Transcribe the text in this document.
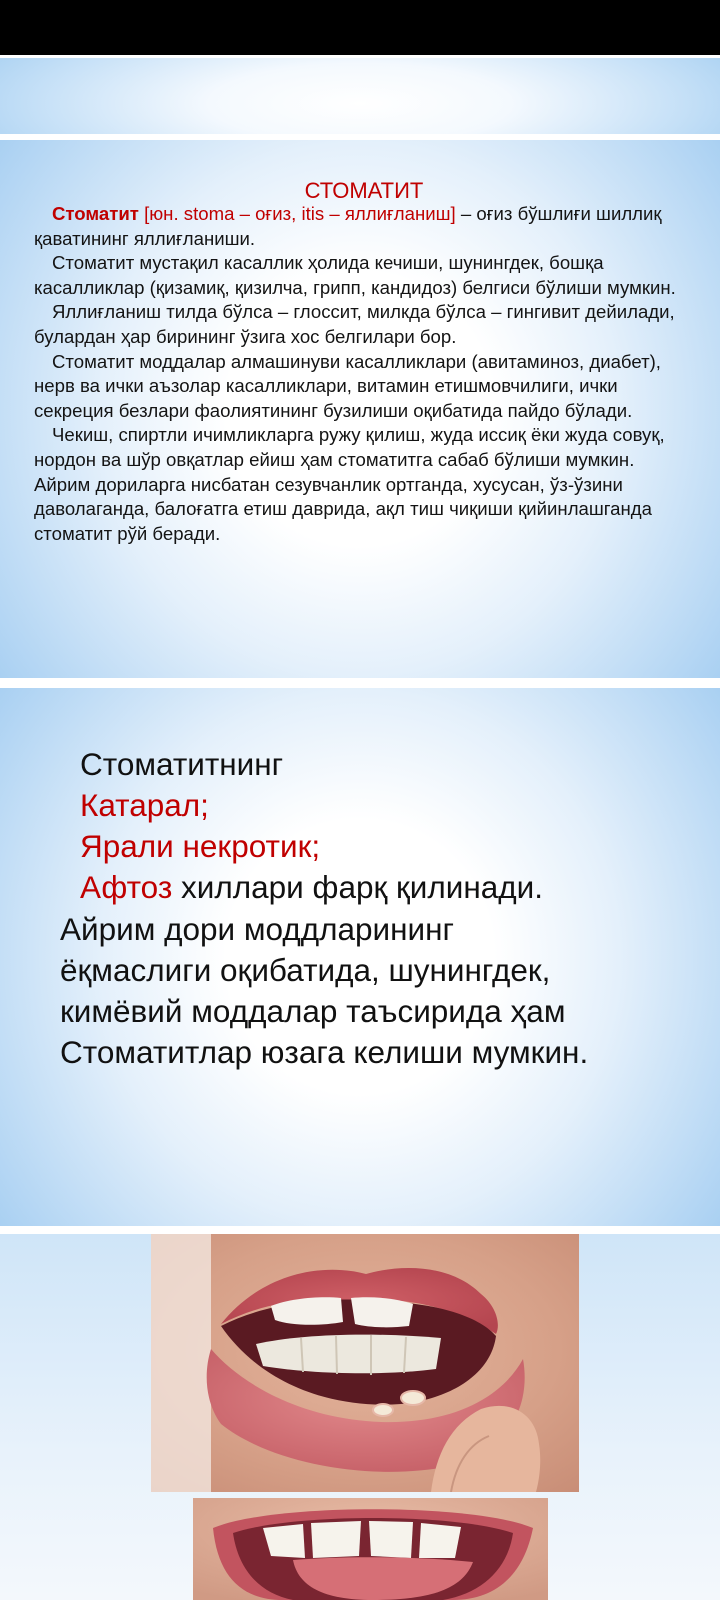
СТОМАТИТ

Стоматит [юн. stoma – оғиз, itis – яллиғланиш] – оғиз бўшлиғи шиллиқ қаватининг яллиғланиши.

Стоматит мустақил касаллик ҳолида кечиши, шунингдек, бошқа касалликлар (қизамиқ, қизилча, грипп, кандидоз) белгиси бўлиши мумкин.

Яллиғланиш тилда бўлса – глоссит, милкда бўлса – гингивит дейилади, булардан ҳар бирининг ўзига хос белгилари бор.

Стоматит моддалар алмашинуви касалликлари (авитаминоз, диабет), нерв ва ички аъзолар касалликлари, витамин етишмовчилиги, ички секреция безлари фаолиятининг бузилиши оқибатида пайдо бўлади.

Чекиш, спиртли ичимликларга ружу қилиш, жуда иссиқ ёки жуда совуқ, нордон ва шўр овқатлар ейиш ҳам стоматитга сабаб бўлиши мумкин. Айрим дориларга нисбатан сезувчанлик ортганда, хусусан, ўз-ўзини даволаганда, балоғатга етиш даврида, ақл тиш чиқиши қийинлашганда стоматит рўй беради.

Стоматитнинг
Катарал;
Ярали некротик;
Афтоз хиллари фарқ қилинади.
Айрим дори моддларининг
ёқмаслиги оқибатида, шунингдек,
кимёвий моддалар таъсирида ҳам
Стоматитлар юзага келиши мумкин.
